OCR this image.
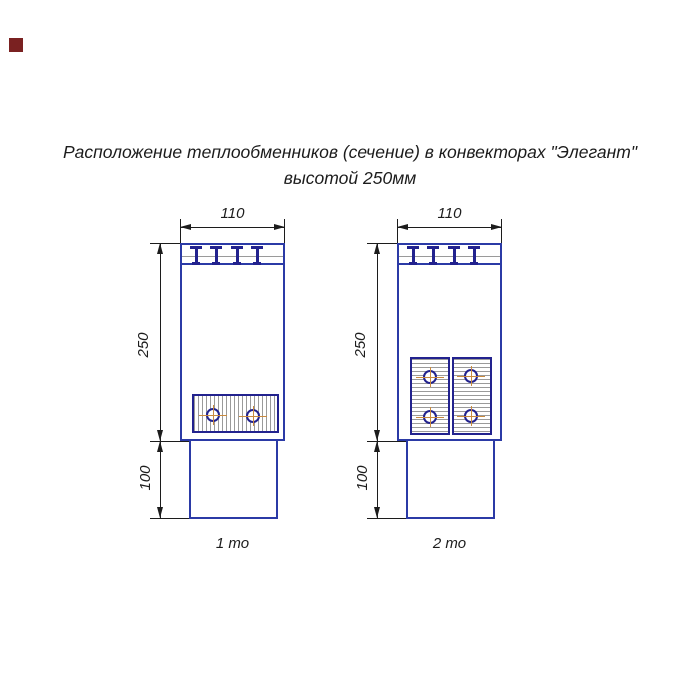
Расположение теплообменников (сечение) в конвекторах "Элегант"
высотой 250мм
110
250
100
1 то
110
250
100
2 то
